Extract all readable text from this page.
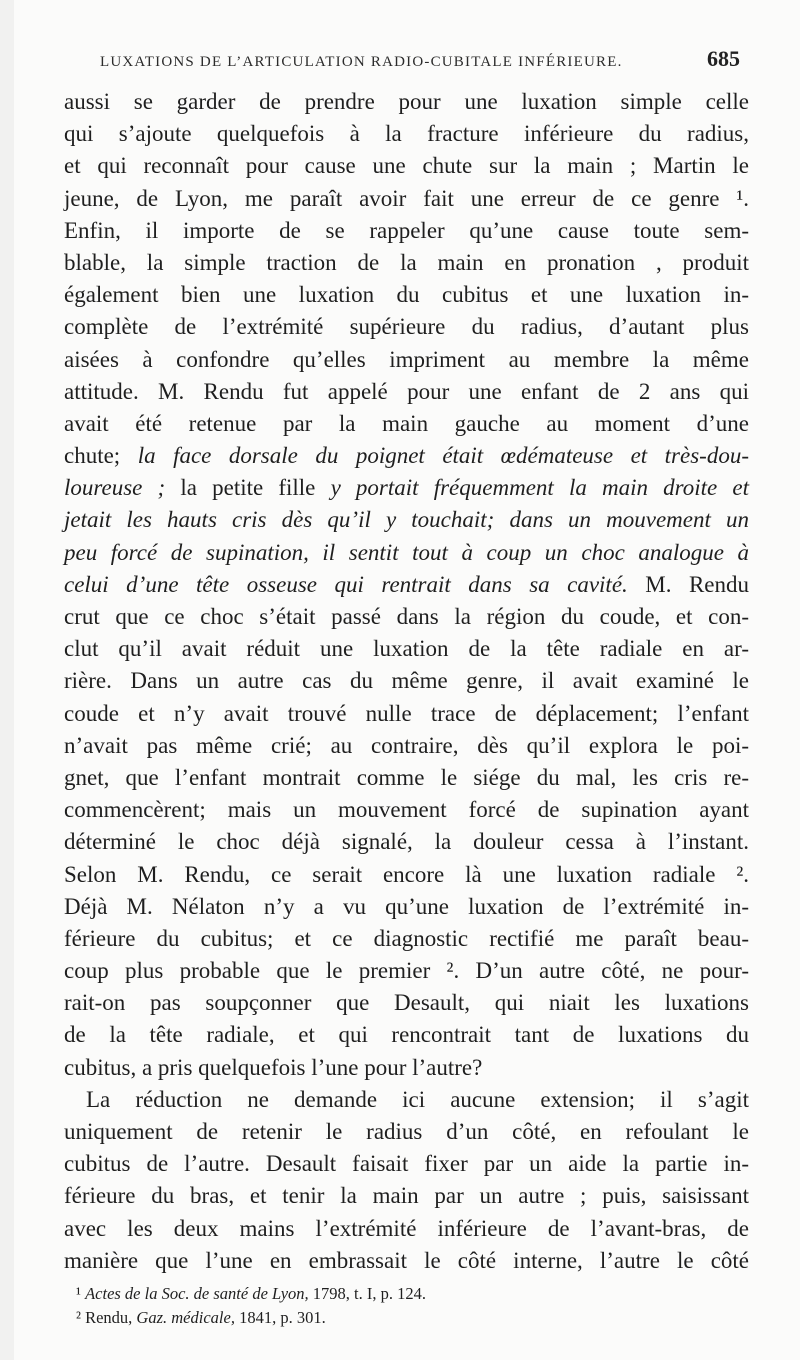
LUXATIONS DE L’ARTICULATION RADIO-CUBITALE INFÉRIEURE.	685
aussi se garder de prendre pour une luxation simple celle
qui s’ajoute quelquefois à la fracture inférieure du radius,
et qui reconnaît pour cause une chute sur la main ; Martin le
jeune, de Lyon, me paraît avoir fait une erreur de ce genre ¹.
Enfin, il importe de se rappeler qu’une cause toute sem-
blable, la simple traction de la main en pronation , produit
également bien une luxation du cubitus et une luxation in-
complète de l’extrémité supérieure du radius, d’autant plus
aisées à confondre qu’elles impriment au membre la même
attitude. M. Rendu fut appelé pour une enfant de 2 ans qui
avait été retenue par la main gauche au moment d’une
chute; la face dorsale du poignet était œdémateuse et très-dou-
loureuse ; la petite fille y portait fréquemment la main droite et
jetait les hauts cris dès qu’il y touchait; dans un mouvement un
peu forcé de supination, il sentit tout à coup un choc analogue à
celui d’une tête osseuse qui rentrait dans sa cavité. M. Rendu
crut que ce choc s’était passé dans la région du coude, et con-
clut qu’il avait réduit une luxation de la tête radiale en ar-
rière. Dans un autre cas du même genre, il avait examiné le
coude et n’y avait trouvé nulle trace de déplacement; l’enfant
n’avait pas même crié; au contraire, dès qu’il explora le poi-
gnet, que l’enfant montrait comme le siége du mal, les cris re-
commencèrent; mais un mouvement forcé de supination ayant
déterminé le choc déjà signalé, la douleur cessa à l’instant.
Selon M. Rendu, ce serait encore là une luxation radiale ².
Déjà M. Nélaton n’y a vu qu’une luxation de l’extrémité in-
férieure du cubitus; et ce diagnostic rectifié me paraît beau-
coup plus probable que le premier ². D’un autre côté, ne pour-
rait-on pas soupçonner que Desault, qui niait les luxations
de la tête radiale, et qui rencontrait tant de luxations du
cubitus, a pris quelquefois l’une pour l’autre?
La réduction ne demande ici aucune extension; il s’agit
uniquement de retenir le radius d’un côté, en refoulant le
cubitus de l’autre. Desault faisait fixer par un aide la partie in-
férieure du bras, et tenir la main par un autre ; puis, saisissant
avec les deux mains l’extrémité inférieure de l’avant-bras, de
manière que l’une en embrassait le côté interne, l’autre le côté
¹ Actes de la Soc. de santé de Lyon, 1798, t. I, p. 124.
² Rendu, Gaz. médicale, 1841, p. 301.
